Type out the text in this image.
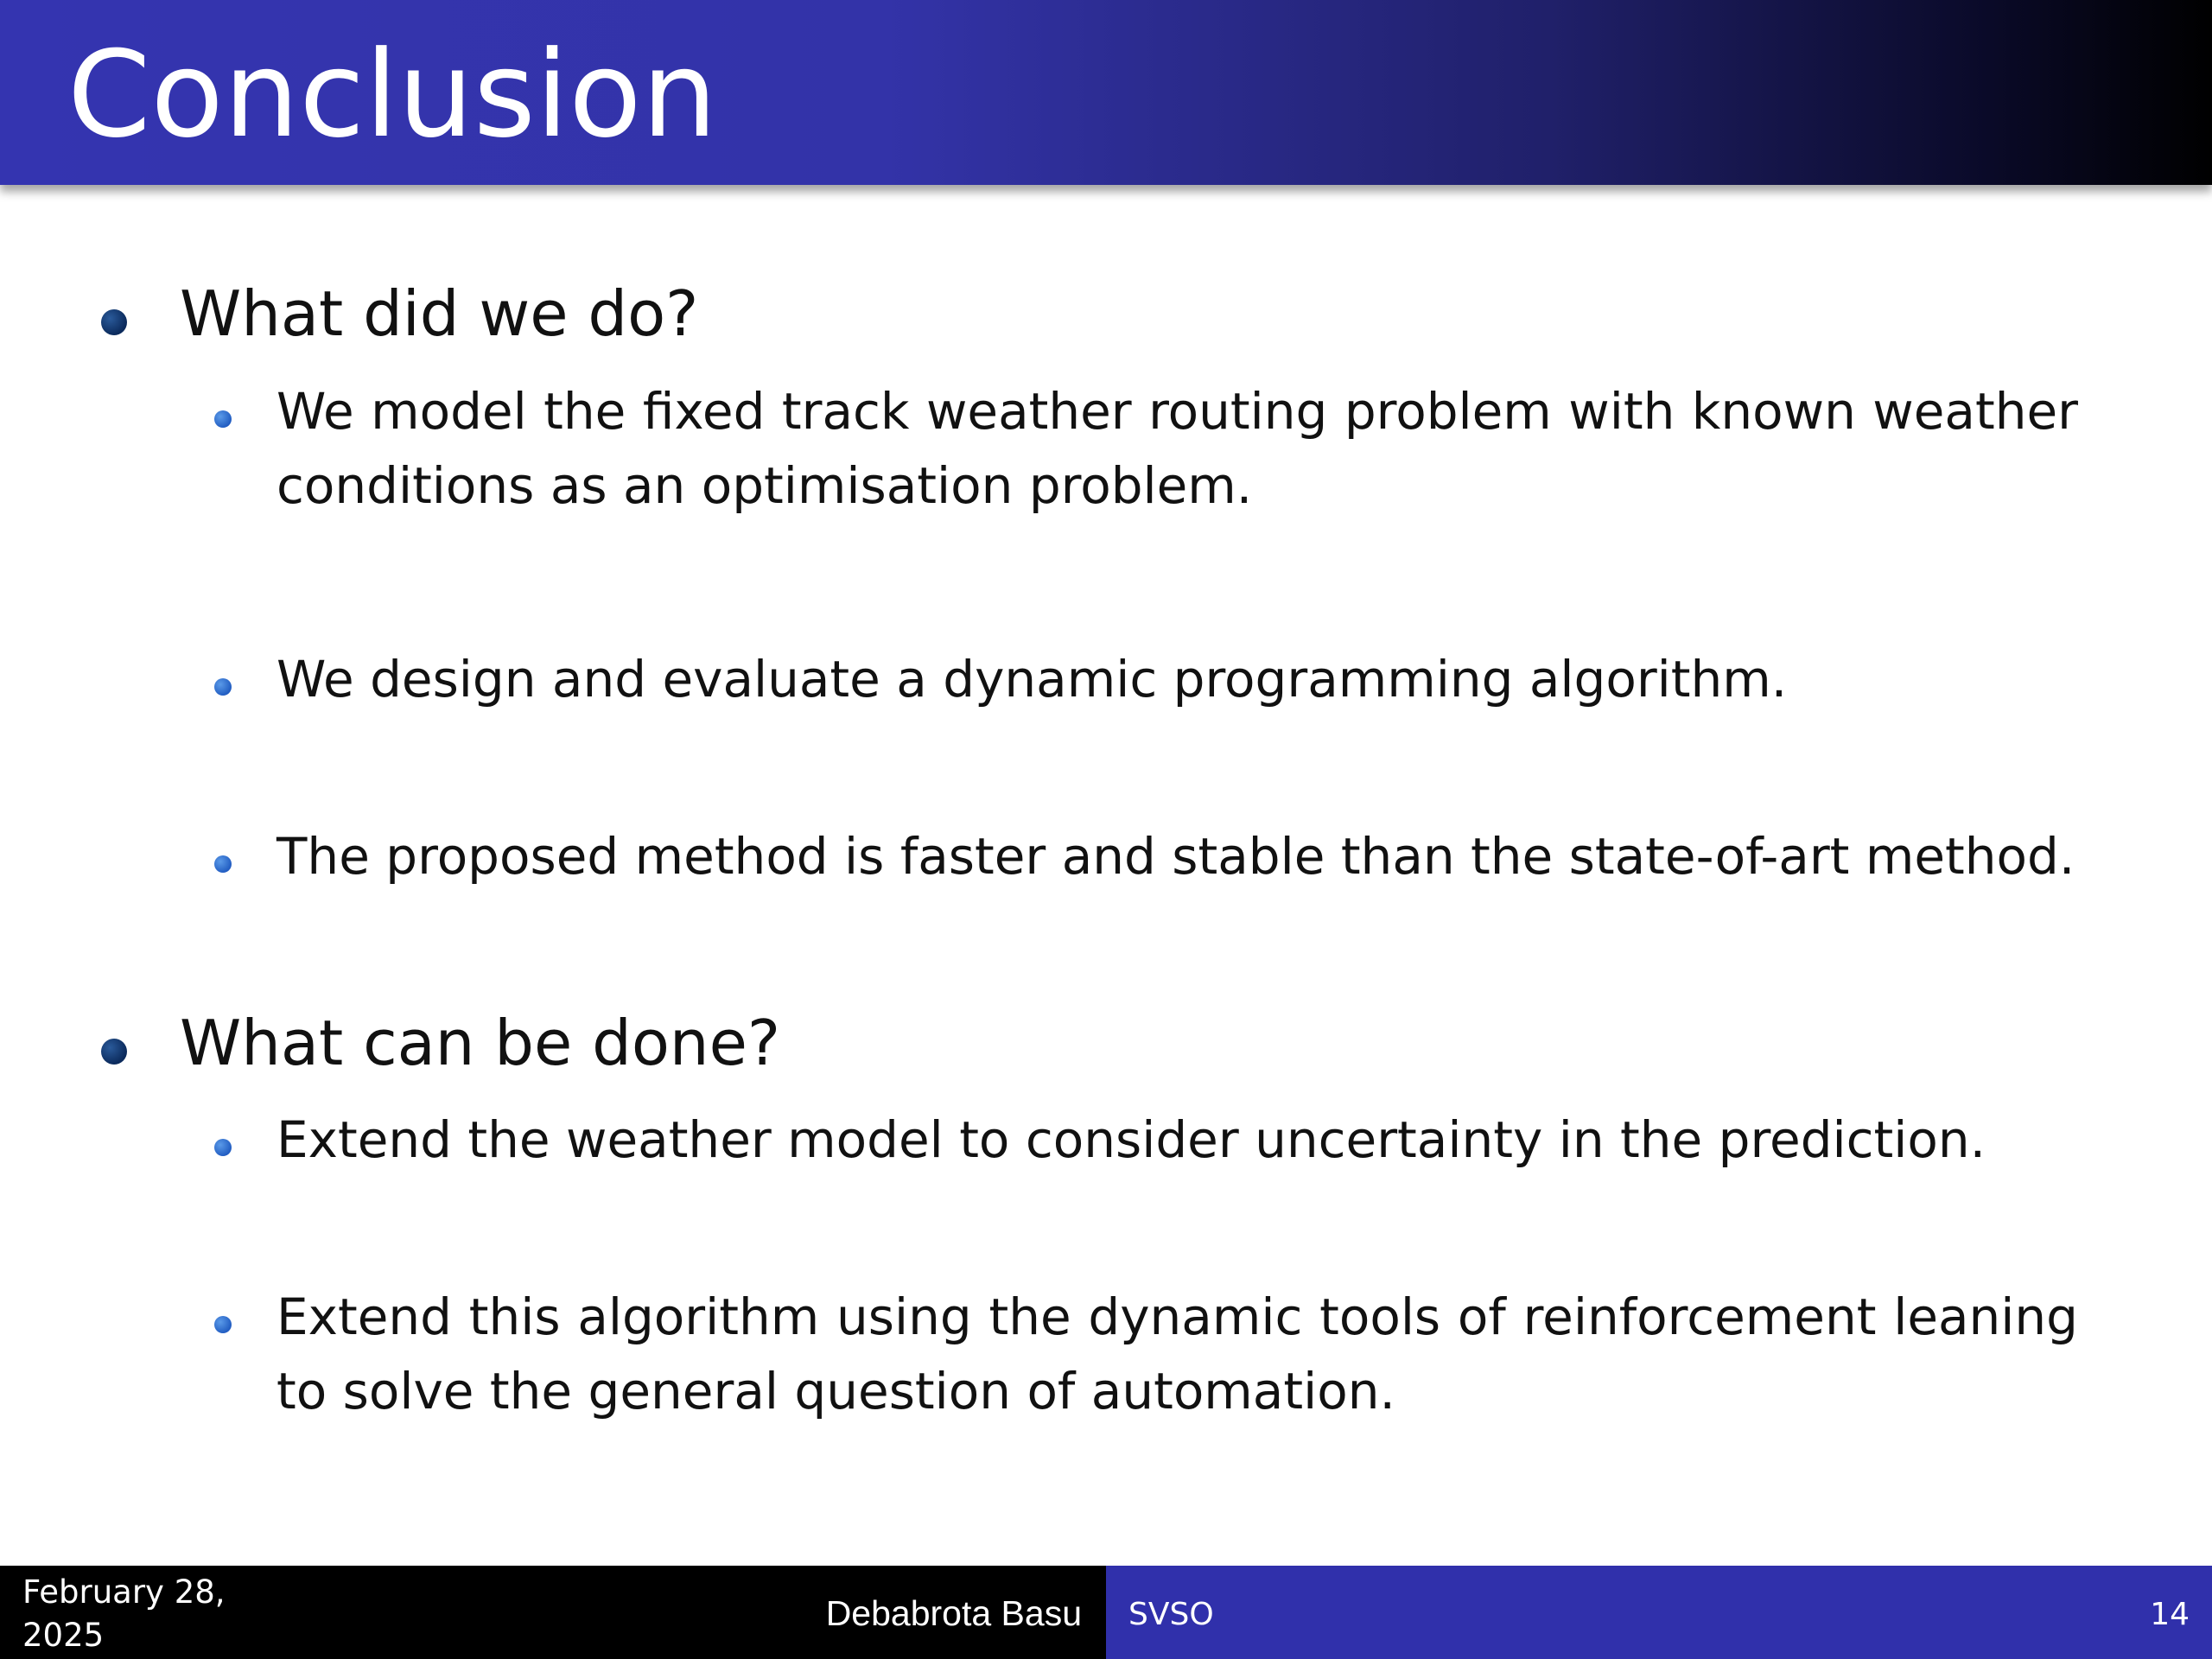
Conclusion
What did we do?
We model the fixed track weather routing problem with known weather conditions as an optimisation problem.
We design and evaluate a dynamic programming algorithm.
The proposed method is faster and stable than the state-of-art method.
What can be done?
Extend the weather model to consider uncertainty in the prediction.
Extend this algorithm using the dynamic tools of reinforcement leaning to solve the general question of automation.
February 28, 2025
Debabrota Basu SVSO	14
